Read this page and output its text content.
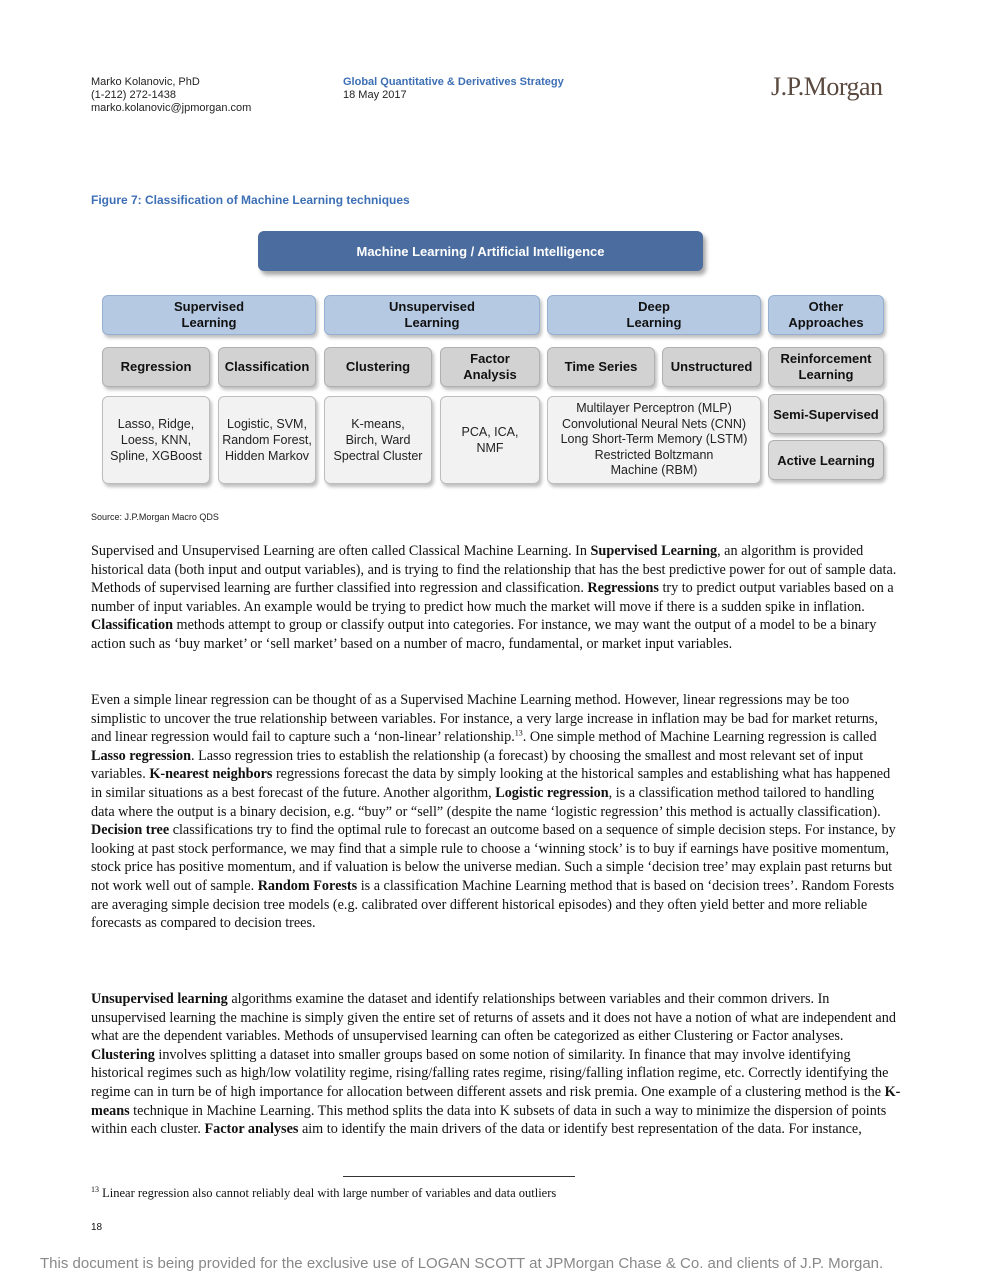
Marko Kolanovic, PhD
(1-212) 272-1438
marko.kolanovic@jpmorgan.com
Global Quantitative & Derivatives Strategy
18 May 2017	J.P.Morgan
Figure 7: Classification of Machine Learning techniques
Machine Learning / Artificial Intelligence
Supervised
Learning
Unsupervised
Learning
Deep
Learning
Other
Approaches
Regression	Classification	Clustering
Factor
Analysis
Time Series	Unstructured
Reinforcement
Learning
Lasso, Ridge,
Loess, KNN,
Spline, XGBoost
Logistic, SVM,
Random Forest,
Hidden Markov
K-means,
Birch, Ward
Spectral Cluster
PCA, ICA,
NMF
Multilayer Perceptron (MLP)
Convolutional Neural Nets (CNN)
Long Short-Term Memory (LSTM)
Restricted Boltzmann
Machine (RBM)
Semi-Supervised
Active Learning
Source: J.P.Morgan Macro QDS
Supervised and Unsupervised Learning are often called Classical Machine Learning. In Supervised Learning, an algorithm is provided historical data (both input and output variables), and is trying to find the relationship that has the best predictive power for out of sample data. Methods of supervised learning are further classified into regression and classification. Regressions try to predict output variables based on a number of input variables. An example would be trying to predict how much the market will move if there is a sudden spike in inflation. Classification methods attempt to group or classify output into categories. For instance, we may want the output of a model to be a binary action such as ‘buy market’ or ‘sell market’ based on a number of macro, fundamental, or market input variables.
Even a simple linear regression can be thought of as a Supervised Machine Learning method. However, linear regressions may be too simplistic to uncover the true relationship between variables. For instance, a very large increase in inflation may be bad for market returns, and linear regression would fail to capture such a ‘non-linear’ relationship.$^{13}$. One simple method of Machine Learning regression is called Lasso regression. Lasso regression tries to establish the relationship (a forecast) by choosing the smallest and most relevant set of input variables. K-nearest neighbors regressions forecast the data by simply looking at the historical samples and establishing what has happened in similar situations as a best forecast of the future. Another algorithm, Logistic regression, is a classification method tailored to handling data where the output is a binary decision, e.g. “buy” or “sell” (despite the name ‘logistic regression’ this method is actually classification). Decision tree classifications try to find the optimal rule to forecast an outcome based on a sequence of simple decision steps. For instance, by looking at past stock performance, we may find that a simple rule to choose a ‘winning stock’ is to buy if earnings have positive momentum, stock price has positive momentum, and if valuation is below the universe median. Such a simple ‘decision tree’ may explain past returns but not work well out of sample. Random Forests is a classification Machine Learning method that is based on ‘decision trees’. Random Forests are averaging simple decision tree models (e.g. calibrated over different historical episodes) and they often yield better and more reliable forecasts as compared to decision trees.
Unsupervised learning algorithms examine the dataset and identify relationships between variables and their common drivers. In unsupervised learning the machine is simply given the entire set of returns of assets and it does not have a notion of what are independent and what are the dependent variables. Methods of unsupervised learning can often be categorized as either Clustering or Factor analyses. Clustering involves splitting a dataset into smaller groups based on some notion of similarity. In finance that may involve identifying historical regimes such as high/low volatility regime, rising/falling rates regime, rising/falling inflation regime, etc. Correctly identifying the regime can in turn be of high importance for allocation between different assets and risk premia. One example of a clustering method is the K-means technique in Machine Learning. This method splits the data into K subsets of data in such a way to minimize the dispersion of points within each cluster. Factor analyses aim to identify the main drivers of the data or identify best representation of the data. For instance,
$^{13}$ Linear regression also cannot reliably deal with large number of variables and data outliers
18
This document is being provided for the exclusive use of LOGAN SCOTT at JPMorgan Chase & Co. and clients of J.P. Morgan.
